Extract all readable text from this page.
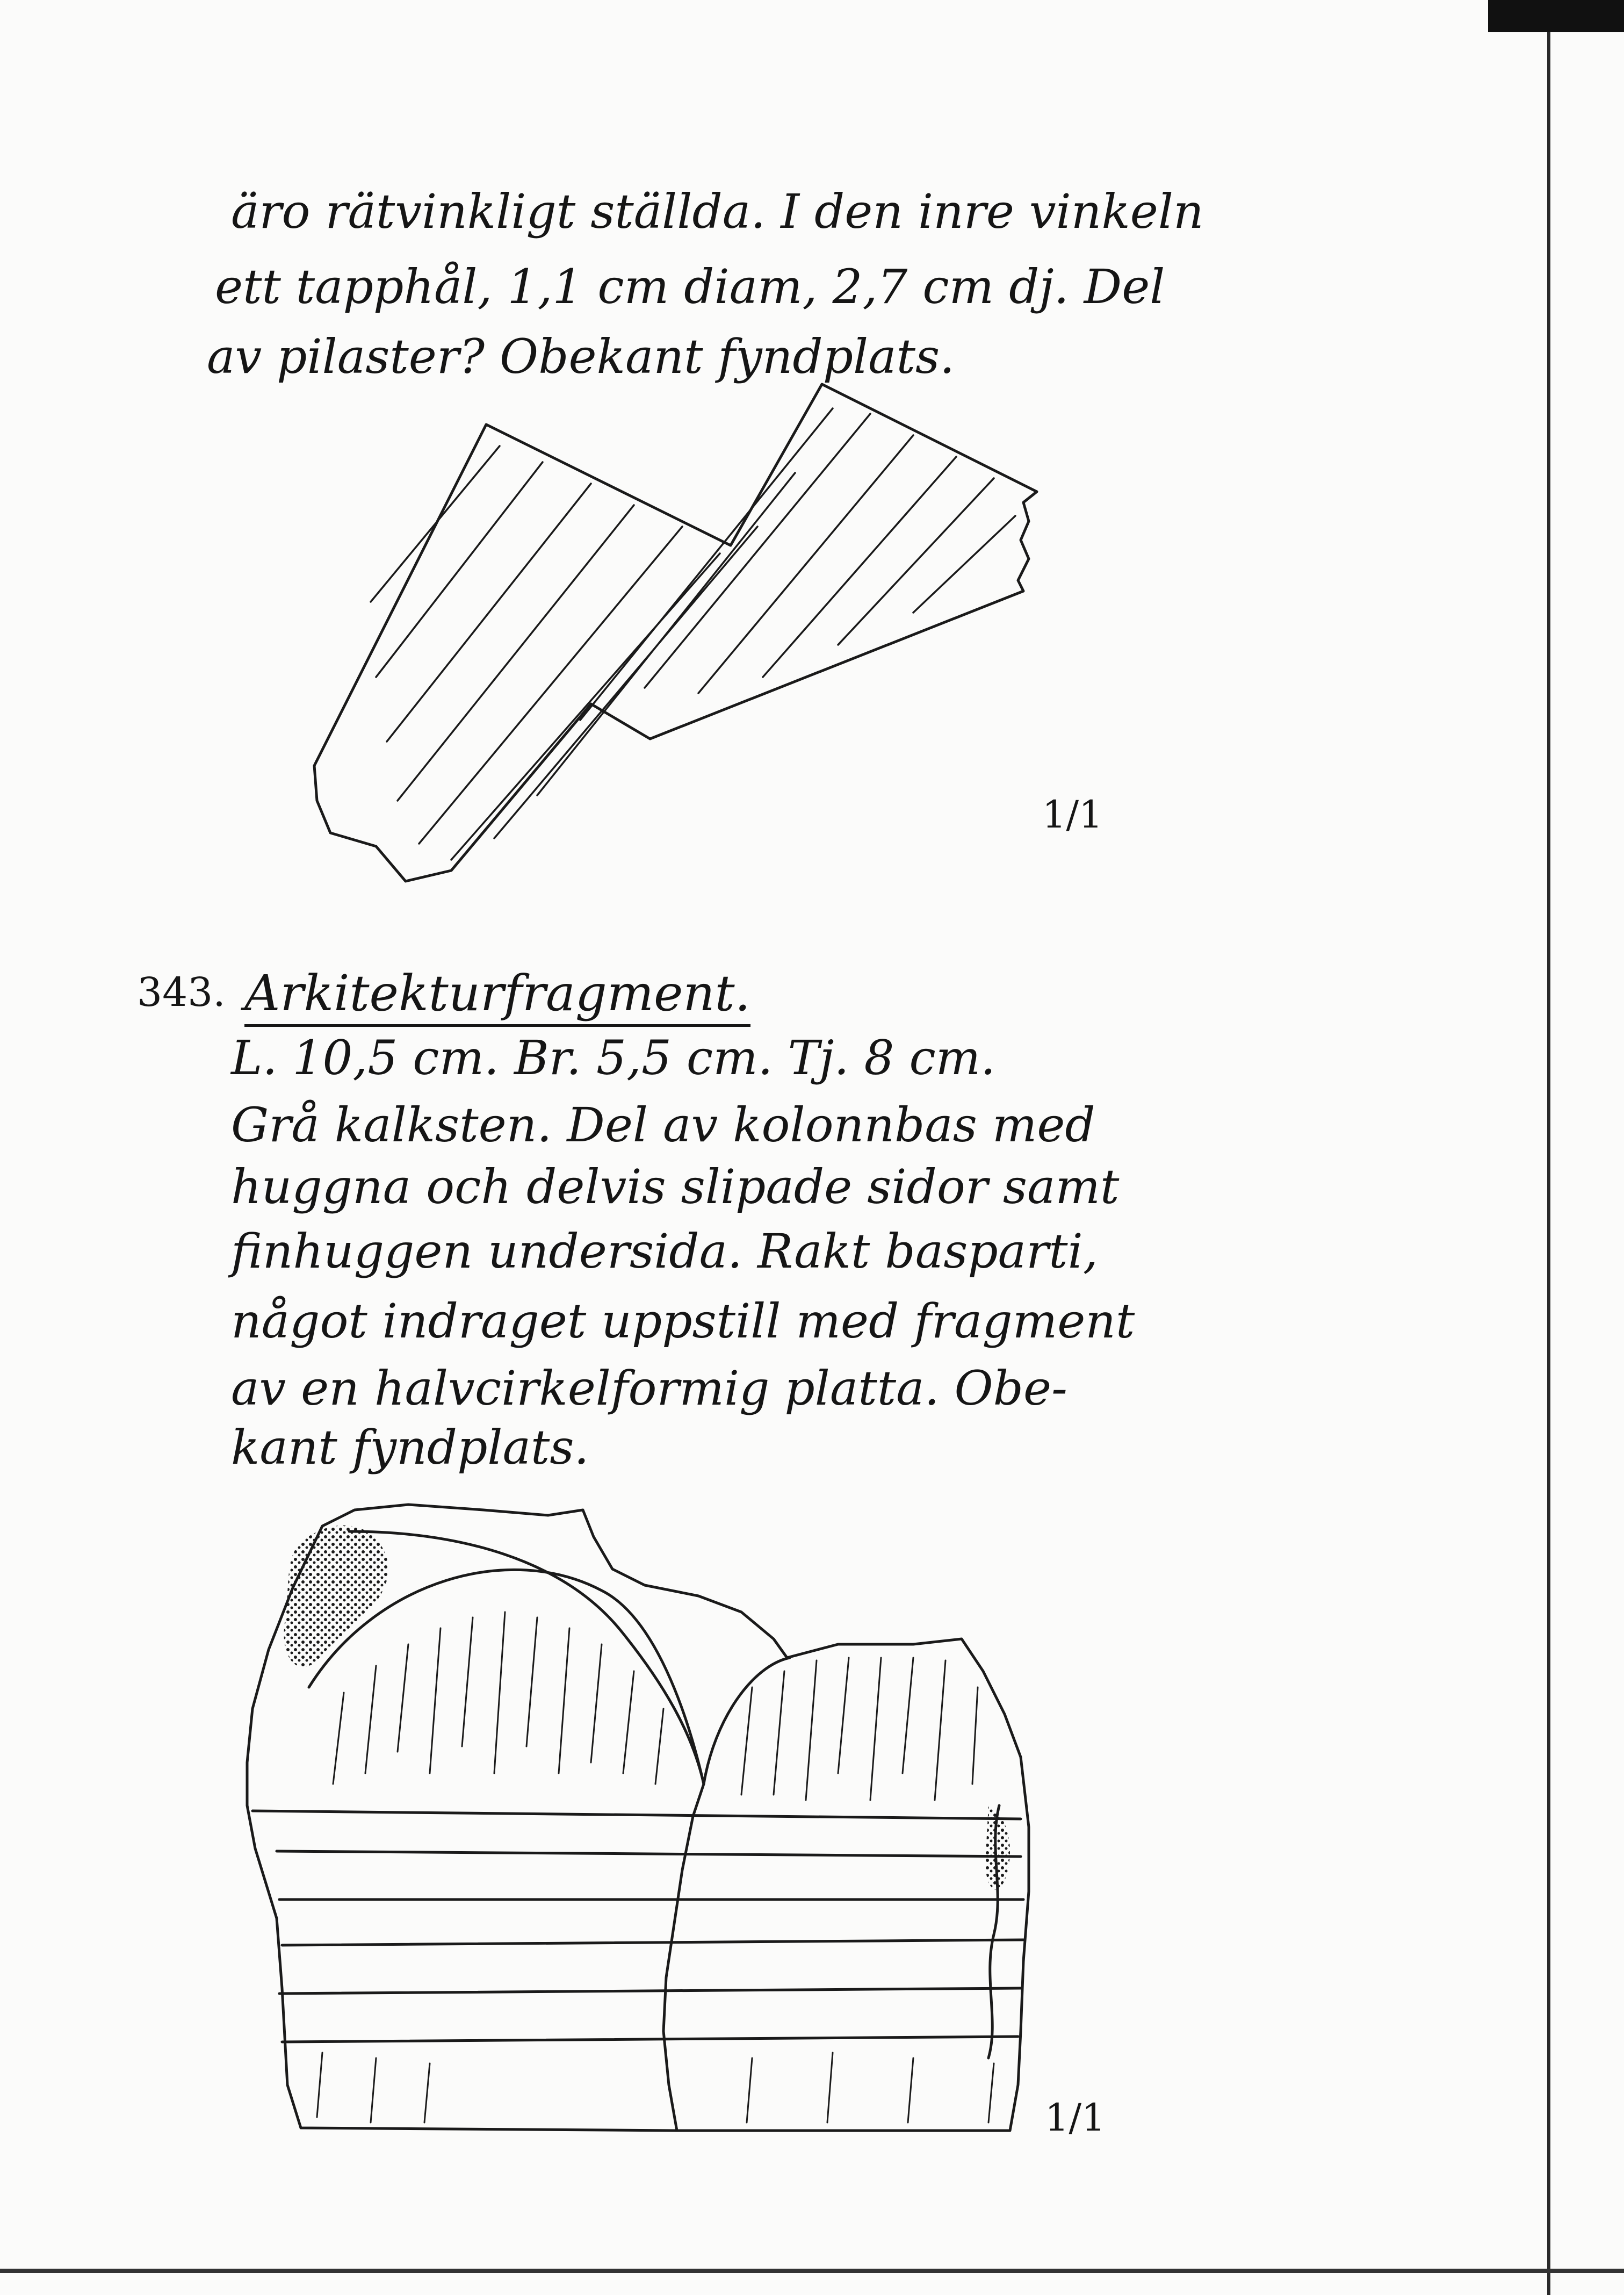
äro rätvinkligt ställda. I den inre vinkeln
ett tapphål, 1,1 cm diam, 2,7 cm dj. Del
av pilaster? Obekant fyndplats.
1/1
343. Arkitekturfragment.
L. 10,5 cm. Br. 5,5 cm. Tj. 8 cm.
Grå kalksten. Del av kolonnbas med
huggna och delvis slipade sidor samt
finhuggen undersida. Rakt basparti,
något indraget uppstill med fragment
av en halvcirkelformig platta. Obe-
kant fyndplats.
1/1
